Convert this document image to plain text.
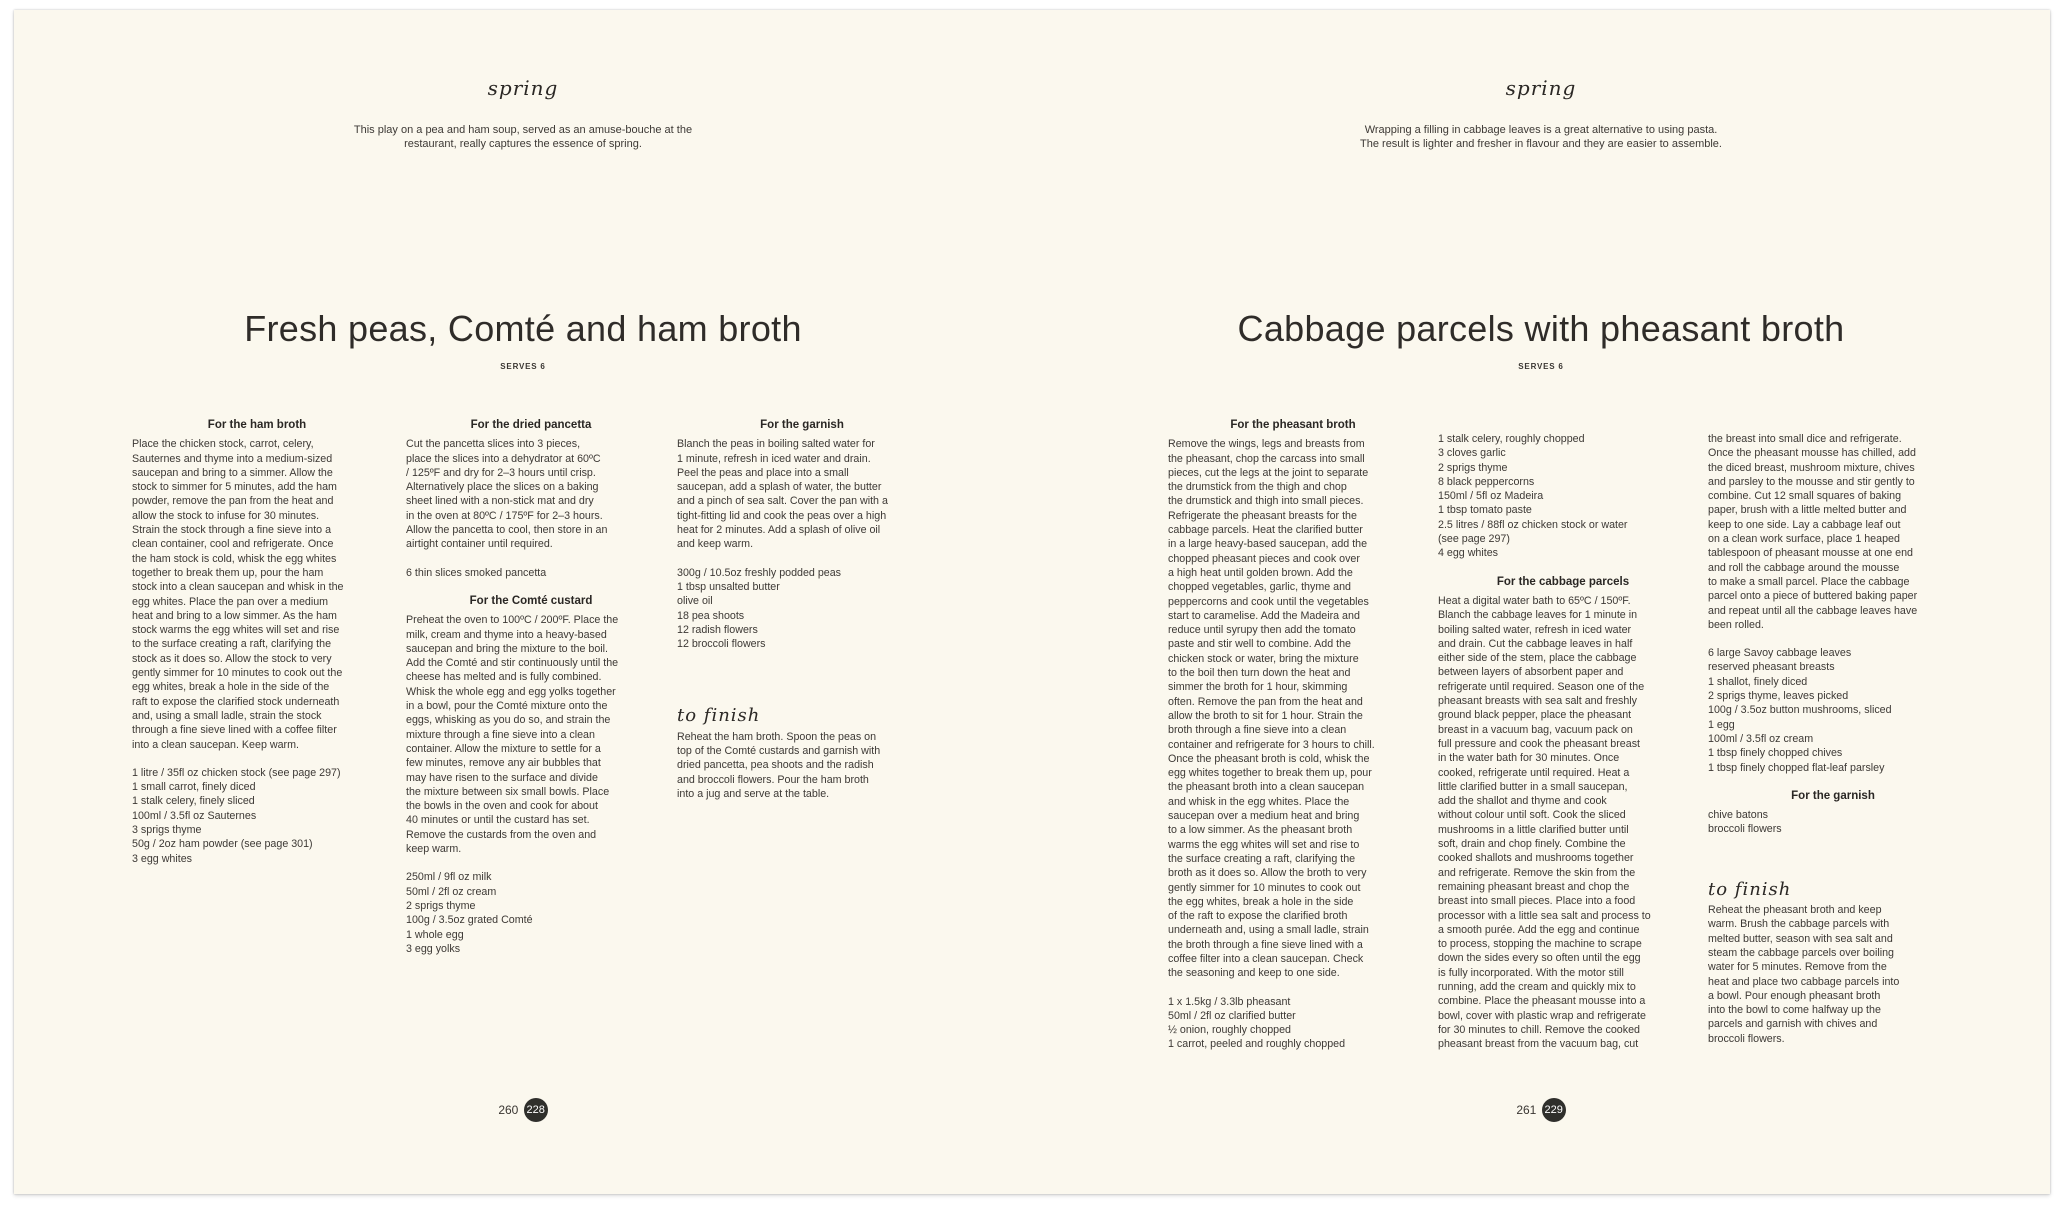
spring
This play on a pea and ham soup, served as an amuse-bouche at the
restaurant, really captures the essence of spring.
Fresh peas, Comté and ham broth
SERVES 6
For the ham broth

Place the chicken stock, carrot, celery,
Sauternes and thyme into a medium-sized
saucepan and bring to a simmer. Allow the
stock to simmer for 5 minutes, add the ham
powder, remove the pan from the heat and
allow the stock to infuse for 30 minutes.
Strain the stock through a fine sieve into a
clean container, cool and refrigerate. Once
the ham stock is cold, whisk the egg whites
together to break them up, pour the ham
stock into a clean saucepan and whisk in the
egg whites. Place the pan over a medium
heat and bring to a low simmer. As the ham
stock warms the egg whites will set and rise
to the surface creating a raft, clarifying the
stock as it does so. Allow the stock to very
gently simmer for 10 minutes to cook out the
egg whites, break a hole in the side of the
raft to expose the clarified stock underneath
and, using a small ladle, strain the stock
through a fine sieve lined with a coffee filter
into a clean saucepan. Keep warm.

1 litre / 35fl oz chicken stock (see page 297)
1 small carrot, finely diced
1 stalk celery, finely sliced
100ml / 3.5fl oz Sauternes
3 sprigs thyme
50g / 2oz ham powder (see page 301)
3 egg whites
For the dried pancetta

Cut the pancetta slices into 3 pieces,
place the slices into a dehydrator at 60ºC
/ 125ºF and dry for 2–3 hours until crisp.
Alternatively place the slices on a baking
sheet lined with a non-stick mat and dry
in the oven at 80ºC / 175ºF for 2–3 hours.
Allow the pancetta to cool, then store in an
airtight container until required.

6 thin slices smoked pancetta
For the Comté custard

Preheat the oven to 100ºC / 200ºF. Place the
milk, cream and thyme into a heavy-based
saucepan and bring the mixture to the boil.
Add the Comté and stir continuously until the
cheese has melted and is fully combined.
Whisk the whole egg and egg yolks together
in a bowl, pour the Comté mixture onto the
eggs, whisking as you do so, and strain the
mixture through a fine sieve into a clean
container. Allow the mixture to settle for a
few minutes, remove any air bubbles that
may have risen to the surface and divide
the mixture between six small bowls. Place
the bowls in the oven and cook for about
40 minutes or until the custard has set.
Remove the custards from the oven and
keep warm.

250ml / 9fl oz milk
50ml / 2fl oz cream
2 sprigs thyme
100g / 3.5oz grated Comté
1 whole egg
3 egg yolks
For the garnish

Blanch the peas in boiling salted water for
1 minute, refresh in iced water and drain.
Peel the peas and place into a small
saucepan, add a splash of water, the butter
and a pinch of sea salt. Cover the pan with a
tight-fitting lid and cook the peas over a high
heat for 2 minutes. Add a splash of olive oil
and keep warm.

300g / 10.5oz freshly podded peas
1 tbsp unsalted butter
olive oil
18 pea shoots
12 radish flowers
12 broccoli flowers
to finish

Reheat the ham broth. Spoon the peas on
top of the Comté custards and garnish with
dried pancetta, pea shoots and the radish
and broccoli flowers. Pour the ham broth
into a jug and serve at the table.

260 228
spring
Wrapping a filling in cabbage leaves is a great alternative to using pasta.
The result is lighter and fresher in flavour and they are easier to assemble.
Cabbage parcels with pheasant broth
SERVES 6
For the pheasant broth

Remove the wings, legs and breasts from
the pheasant, chop the carcass into small
pieces, cut the legs at the joint to separate
the drumstick from the thigh and chop
the drumstick and thigh into small pieces.
Refrigerate the pheasant breasts for the
cabbage parcels. Heat the clarified butter
in a large heavy-based saucepan, add the
chopped pheasant pieces and cook over
a high heat until golden brown. Add the
chopped vegetables, garlic, thyme and
peppercorns and cook until the vegetables
start to caramelise. Add the Madeira and
reduce until syrupy then add the tomato
paste and stir well to combine. Add the
chicken stock or water, bring the mixture
to the boil then turn down the heat and
simmer the broth for 1 hour, skimming
often. Remove the pan from the heat and
allow the broth to sit for 1 hour. Strain the
broth through a fine sieve into a clean
container and refrigerate for 3 hours to chill.
Once the pheasant broth is cold, whisk the
egg whites together to break them up, pour
the pheasant broth into a clean saucepan
and whisk in the egg whites. Place the
saucepan over a medium heat and bring
to a low simmer. As the pheasant broth
warms the egg whites will set and rise to
the surface creating a raft, clarifying the
broth as it does so. Allow the broth to very
gently simmer for 10 minutes to cook out
the egg whites, break a hole in the side
of the raft to expose the clarified broth
underneath and, using a small ladle, strain
the broth through a fine sieve lined with a
coffee filter into a clean saucepan. Check
the seasoning and keep to one side.

1 x 1.5kg / 3.3lb pheasant
50ml / 2fl oz clarified butter
½ onion, roughly chopped
1 carrot, peeled and roughly chopped

1 stalk celery, roughly chopped
3 cloves garlic
2 sprigs thyme
8 black peppercorns
150ml / 5fl oz Madeira
1 tbsp tomato paste
2.5 litres / 88fl oz chicken stock or water
(see page 297)
4 egg whites

For the cabbage parcels

Heat a digital water bath to 65ºC / 150ºF.
Blanch the cabbage leaves for 1 minute in
boiling salted water, refresh in iced water
and drain. Cut the cabbage leaves in half
either side of the stem, place the cabbage
between layers of absorbent paper and
refrigerate until required. Season one of the
pheasant breasts with sea salt and freshly
ground black pepper, place the pheasant
breast in a vacuum bag, vacuum pack on
full pressure and cook the pheasant breast
in the water bath for 30 minutes. Once
cooked, refrigerate until required. Heat a
little clarified butter in a small saucepan,
add the shallot and thyme and cook
without colour until soft. Cook the sliced
mushrooms in a little clarified butter until
soft, drain and chop finely. Combine the
cooked shallots and mushrooms together
and refrigerate. Remove the skin from the
remaining pheasant breast and chop the
breast into small pieces. Place into a food
processor with a little sea salt and process to
a smooth purée. Add the egg and continue
to process, stopping the machine to scrape
down the sides every so often until the egg
is fully incorporated. With the motor still
running, add the cream and quickly mix to
combine. Place the pheasant mousse into a
bowl, cover with plastic wrap and refrigerate
for 30 minutes to chill. Remove the cooked
pheasant breast from the vacuum bag, cut

the breast into small dice and refrigerate.
Once the pheasant mousse has chilled, add
the diced breast, mushroom mixture, chives
and parsley to the mousse and stir gently to
combine. Cut 12 small squares of baking
paper, brush with a little melted butter and
keep to one side. Lay a cabbage leaf out
on a clean work surface, place 1 heaped
tablespoon of pheasant mousse at one end
and roll the cabbage around the mousse
to make a small parcel. Place the cabbage
parcel onto a piece of buttered baking paper
and repeat until all the cabbage leaves have
been rolled.

6 large Savoy cabbage leaves
reserved pheasant breasts
1 shallot, finely diced
2 sprigs thyme, leaves picked
100g / 3.5oz button mushrooms, sliced
1 egg
100ml / 3.5fl oz cream
1 tbsp finely chopped chives
1 tbsp finely chopped flat-leaf parsley
For the garnish
chive batons
broccoli flowers
to finish

Reheat the pheasant broth and keep
warm. Brush the cabbage parcels with
melted butter, season with sea salt and
steam the cabbage parcels over boiling
water for 5 minutes. Remove from the
heat and place two cabbage parcels into
a bowl. Pour enough pheasant broth
into the bowl to come halfway up the
parcels and garnish with chives and
broccoli flowers.

261 229
